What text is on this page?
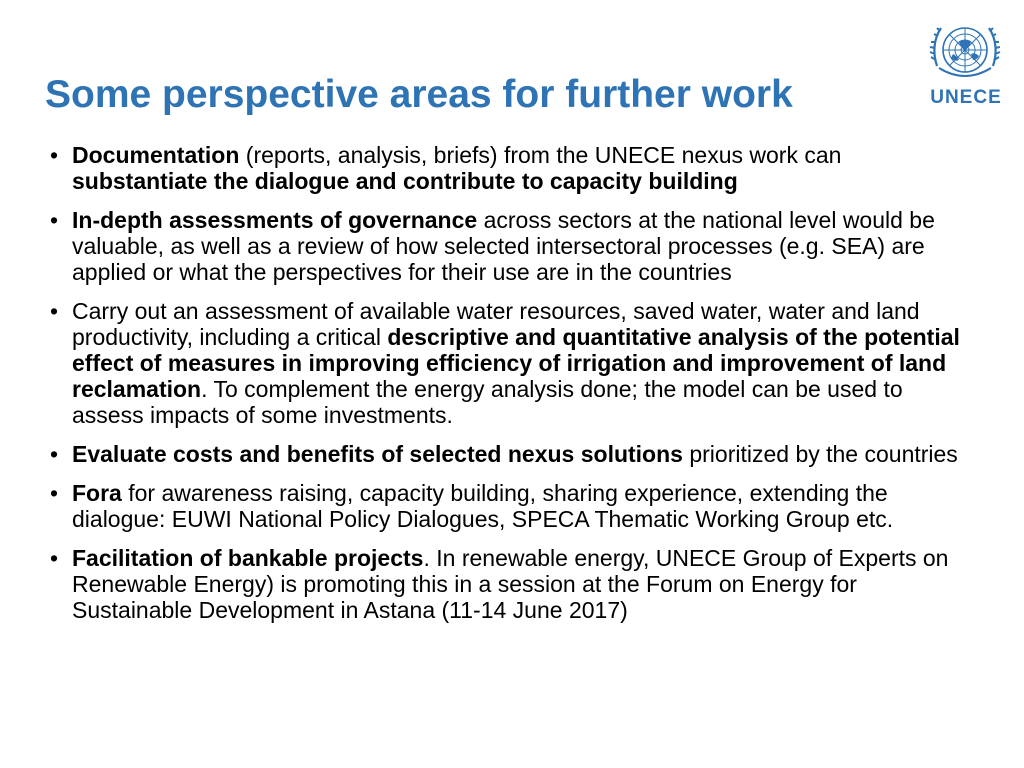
Some perspective areas for further work	UNECE
• Documentation (reports, analysis, briefs) from the UNECE nexus work can substantiate the dialogue and contribute to capacity building
• In-depth assessments of governance across sectors at the national level would be valuable, as well as a review of how selected intersectoral processes (e.g. SEA) are applied or what the perspectives for their use are in the countries
• Carry out an assessment of available water resources, saved water, water and land productivity, including a critical descriptive and quantitative analysis of the potential effect of measures in improving efficiency of irrigation and improvement of land reclamation. To complement the energy analysis done; the model can be used to assess impacts of some investments.
• Evaluate costs and benefits of selected nexus solutions prioritized by the countries
• Fora for awareness raising, capacity building, sharing experience, extending the dialogue: EUWI National Policy Dialogues, SPECA Thematic Working Group etc.
• Facilitation of bankable projects. In renewable energy, UNECE Group of Experts on Renewable Energy) is promoting this in a session at the Forum on Energy for Sustainable Development in Astana (11-14 June 2017)
